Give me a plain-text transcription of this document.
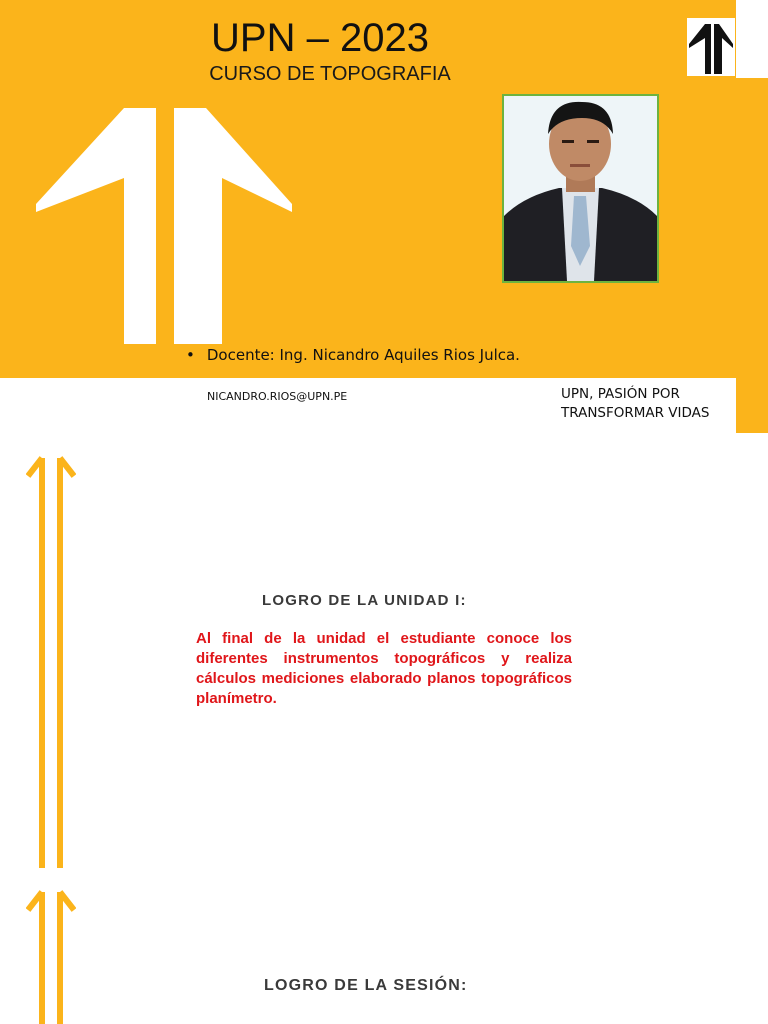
UPN – 2023
CURSO DE TOPOGRAFIA
• Docente: Ing. Nicandro Aquiles Rios Julca.
NICANDRO.RIOS@UPN.PE	UPN, PASIÓN POR
TRANSFORMAR VIDAS
LOGRO DE LA UNIDAD I:
Al final de la unidad el estudiante conoce los diferentes instrumentos topográficos y realiza cálculos mediciones elaborado planos topográficos planímetro.
LOGRO DE LA SESIÓN:
